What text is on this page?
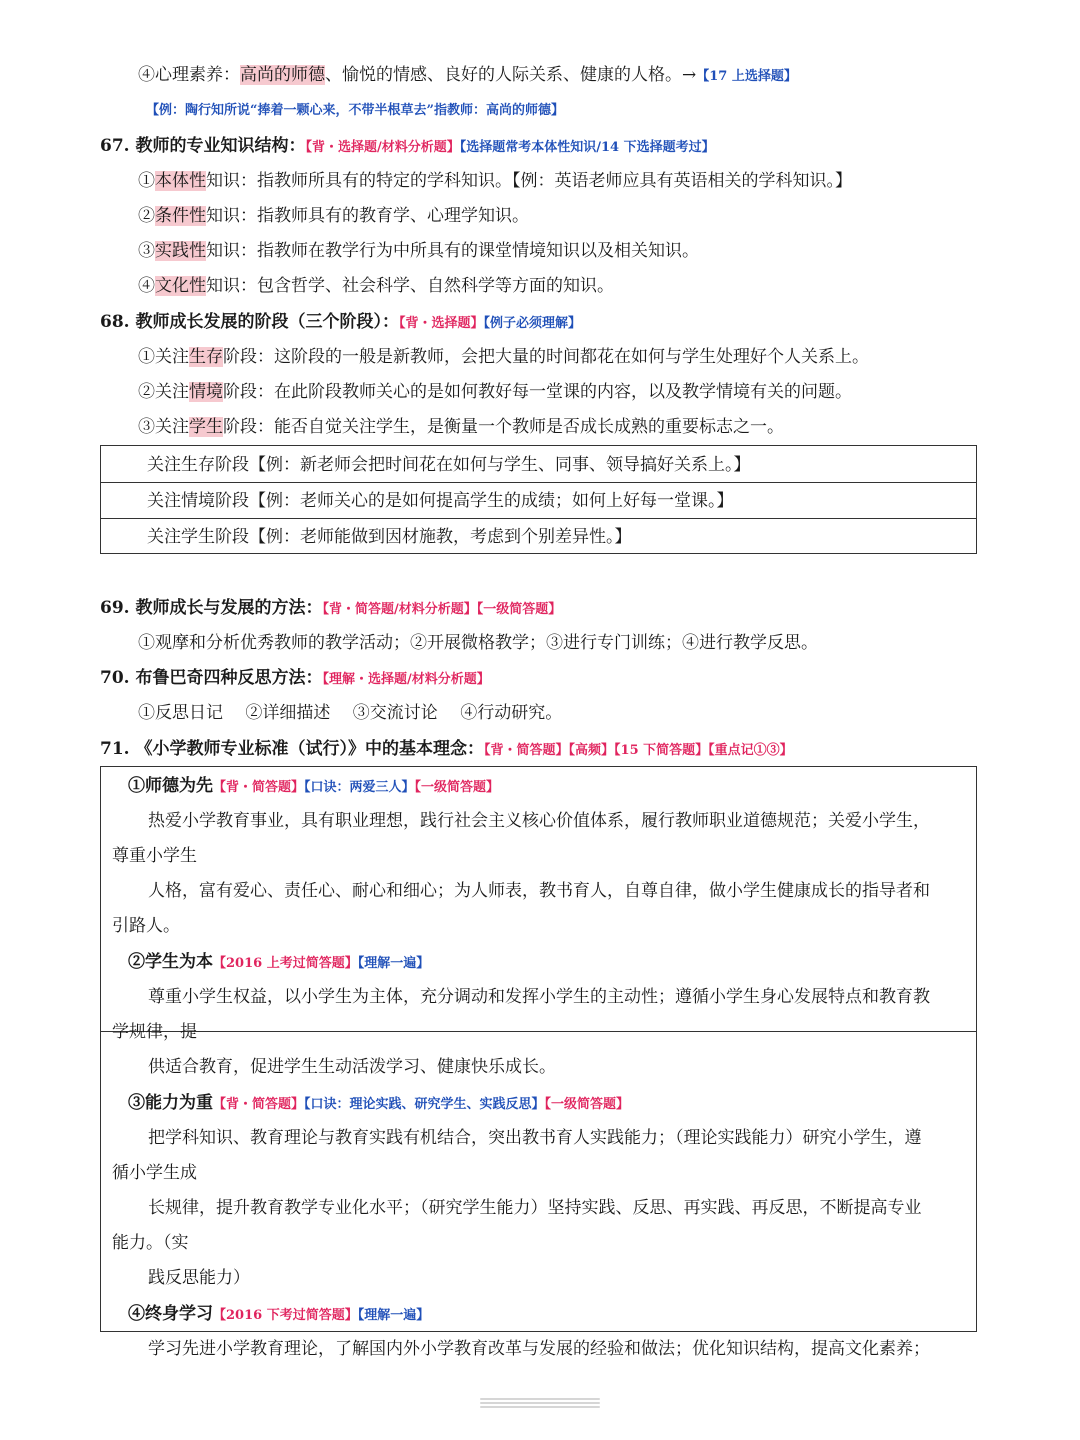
④心理素养：高尚的师德、愉悦的情感、良好的人际关系、健康的人格。→【17 上选择题】
【例：陶行知所说“捧着一颗心来，不带半根草去”指教师：高尚的师德】
67. 教师的专业知识结构：【背・选择题/材料分析题】【选择题常考本体性知识/14 下选择题考过】
①本体性知识：指教师所具有的特定的学科知识。【例：英语老师应具有英语相关的学科知识。】
②条件性知识：指教师具有的教育学、心理学知识。
③实践性知识：指教师在教学行为中所具有的课堂情境知识以及相关知识。
④文化性知识：包含哲学、社会科学、自然科学等方面的知识。
68. 教师成长发展的阶段（三个阶段）：【背・选择题】【例子必须理解】
①关注生存阶段：这阶段的一般是新教师，会把大量的时间都花在如何与学生处理好个人关系上。
②关注情境阶段：在此阶段教师关心的是如何教好每一堂课的内容，以及教学情境有关的问题。
③关注学生阶段：能否自觉关注学生，是衡量一个教师是否成长成熟的重要标志之一。
关注生存阶段【例：新老师会把时间花在如何与学生、同事、领导搞好关系上。】
关注情境阶段【例：老师关心的是如何提高学生的成绩；如何上好每一堂课。】
关注学生阶段【例：老师能做到因材施教，考虑到个别差异性。】
69. 教师成长与发展的方法：【背・简答题/材料分析题】【一级简答题】
①观摩和分析优秀教师的教学活动；②开展微格教学；③进行专门训练；④进行教学反思。
70. 布鲁巴奇四种反思方法：【理解・选择题/材料分析题】
①反思日记　 ②详细描述　 ③交流讨论　 ④行动研究。
71. 《小学教师专业标准（试行）》中的基本理念：【背・简答题】【高频】【15 下简答题】【重点记①③】
①师德为先【背・简答题】【口诀：两爱三人】【一级简答题】
热爱小学教育事业，具有职业理想，践行社会主义核心价值体系，履行教师职业道德规范；关爱小学生，
尊重小学生
人格，富有爱心、责任心、耐心和细心；为人师表，教书育人，自尊自律，做小学生健康成长的指导者和
引路人。
②学生为本【2016 上考过简答题】【理解一遍】
尊重小学生权益，以小学生为主体，充分调动和发挥小学生的主动性；遵循小学生身心发展特点和教育教
学规律，提
供适合教育，促进学生生动活泼学习、健康快乐成长。
③能力为重【背・简答题】【口诀：理论实践、研究学生、实践反思】【一级简答题】
把学科知识、教育理论与教育实践有机结合，突出教书育人实践能力；（理论实践能力）研究小学生，遵
循小学生成
长规律，提升教育教学专业化水平；（研究学生能力）坚持实践、反思、再实践、再反思，不断提高专业
能力。（实
践反思能力）
④终身学习【2016 下考过简答题】【理解一遍】
学习先进小学教育理论，了解国内外小学教育改革与发展的经验和做法；优化知识结构，提高文化素养；
